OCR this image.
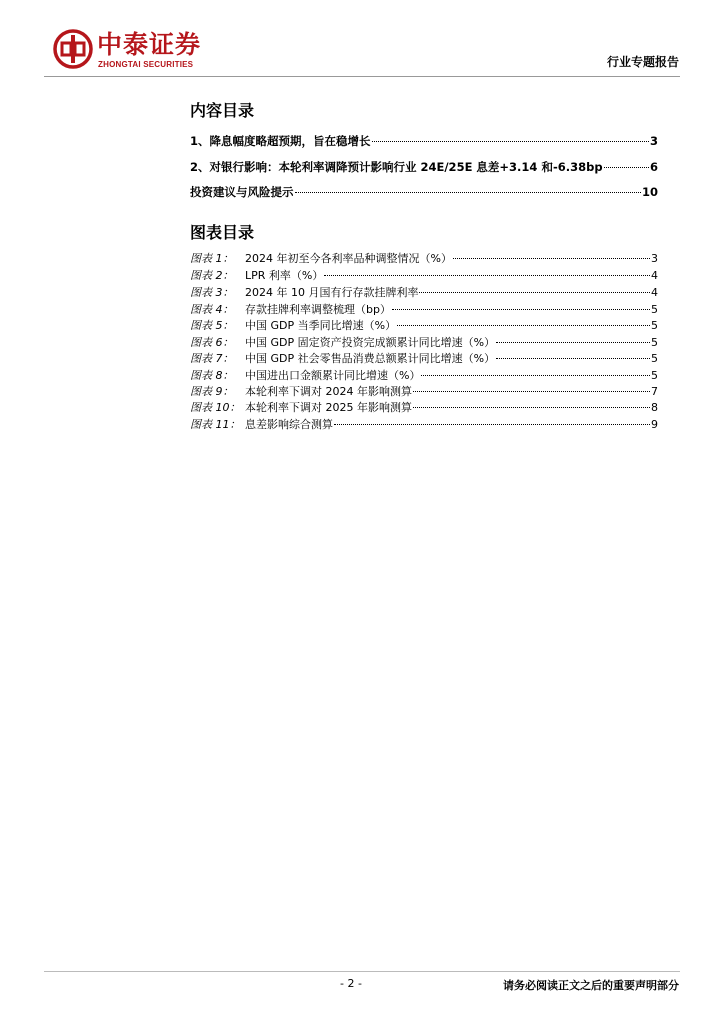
中泰证券
ZHONGTAI SECURITIES	行业专题报告
内容目录
1、降息幅度略超预期，旨在稳增长	3
2、对银行影响：本轮利率调降预计影响行业 24E/25E 息差+3.14 和-6.38bp	6
投资建议与风险提示	10
图表目录
图表 1：	2024 年初至今各利率品种调整情况（%）	3
图表 2：	LPR 利率（%）	4
图表 3：	2024 年 10 月国有行存款挂牌利率	4
图表 4：	存款挂牌利率调整梳理（bp）	5
图表 5：	中国 GDP 当季同比增速（%）	5
图表 6：	中国 GDP 固定资产投资完成额累计同比增速（%）	5
图表 7：	中国 GDP 社会零售品消费总额累计同比增速（%）	5
图表 8：	中国进出口金额累计同比增速（%）	5
图表 9：	本轮利率下调对 2024 年影响测算	7
图表 10： 本轮利率下调对 2025 年影响测算	8
图表 11： 息差影响综合测算	9
- 2 -	请务必阅读正文之后的重要声明部分
